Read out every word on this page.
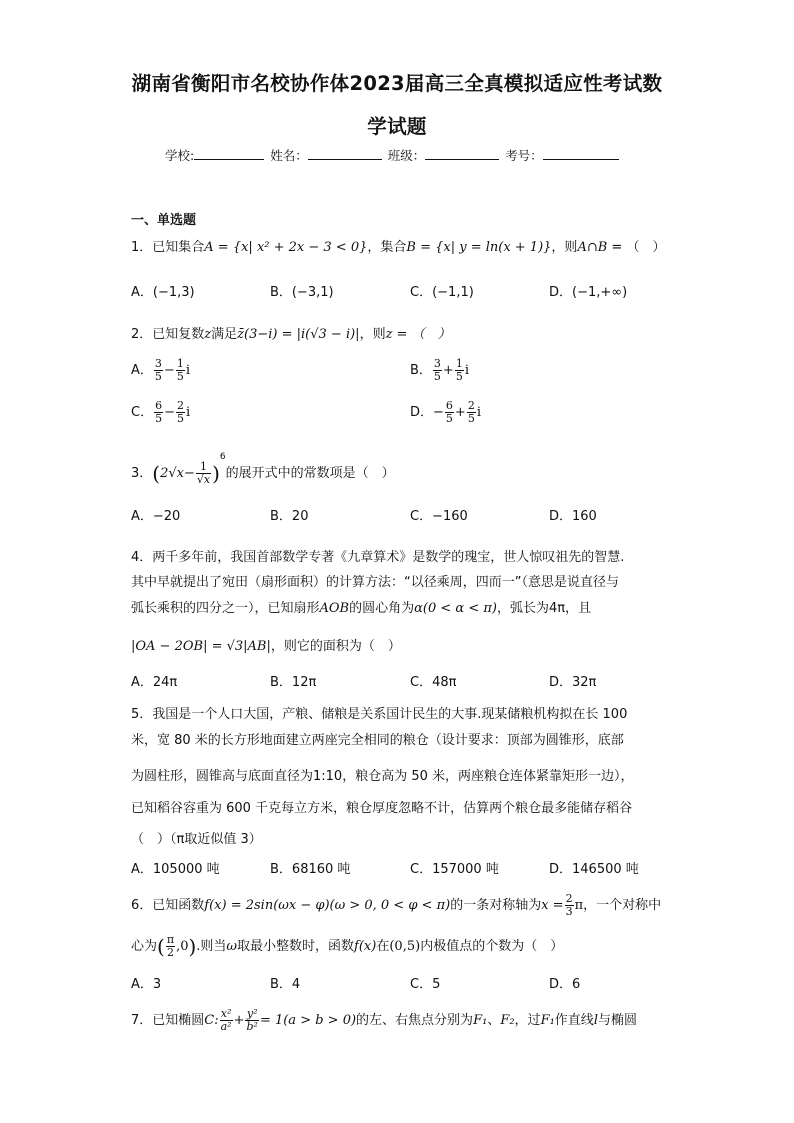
湖南省衡阳市名校协作体2023届高三全真模拟适应性考试数
学试题
学校:	姓名：	班级：	考号：
一、单选题
1．已知集合A = {x| x² + 2x − 3 < 0}，集合B = {x| y = ln(x + 1)}，则A∩B = （　）
A．(−1,3)	B．(−3,1)	C．(−1,1)	D．(−1,+∞)
2．已知复数z满足z̄(3−i) = |i(√3 − i)|，则z = （　）
A． $\frac{3}{5} - \frac{1}{5}$ i	B． $\frac{3}{5} + \frac{1}{5}$ i
C． $\frac{6}{5} - \frac{2}{5}$ i	D．− $\frac{6}{5} + \frac{2}{5}$ i
3．$(2√x- \frac{1}{√x} )^6$的展开式中的常数项是（　）
A．−20	B．20	C．−160	D．160
4．两千多年前，我国首部数学专著《九章算术》是数学的瑰宝，世人惊叹祖先的智慧.
其中早就提出了宛田（扇形面积）的计算方法：“以径乘周，四而一”（意思是说直径与
弧长乘积的四分之一），已知扇形AOB的圆心角为α(0 < α < π)，弧长为4π，且
|OA − 2OB| = √3|AB|，则它的面积为（　）
A．24π	B．12π	C．48π	D．32π
5．我国是一个人口大国，产粮、储粮是关系国计民生的大事.现某储粮机构拟在长 100
米，宽 80 米的长方形地面建立两座完全相同的粮仓（设计要求：顶部为圆锥形，底部
为圆柱形，圆锥高与底面直径为1:10，粮仓高为 50 米，两座粮仓连体紧靠矩形一边），
已知稻谷容重为 600 千克每立方米，粮仓厚度忽略不计，估算两个粮仓最多能储存稻谷
（　）（π取近似值 3）
A．105000 吨	B．68160 吨	C．157000 吨	D．146500 吨
6．已知函数f(x) = 2sin(ωx − φ)(ω > 0, 0 < φ < π)的一条对称轴为$x = \frac{2}{3}$ π，一个对称中
心为( $\frac{\pi}{2} ,0$).则当ω取最小整数时，函数f(x)在(0,5)内极值点的个数为（　）
A．3	B．4	C．5	D．6
7．已知椭圆C: $\frac{\text{x²}}{\text{a²}} + \frac{\text{y²}}{\text{b²}} = 1(a > b > 0)$的左、右焦点分别为F₁、F₂，过F₁作直线l与椭圆
